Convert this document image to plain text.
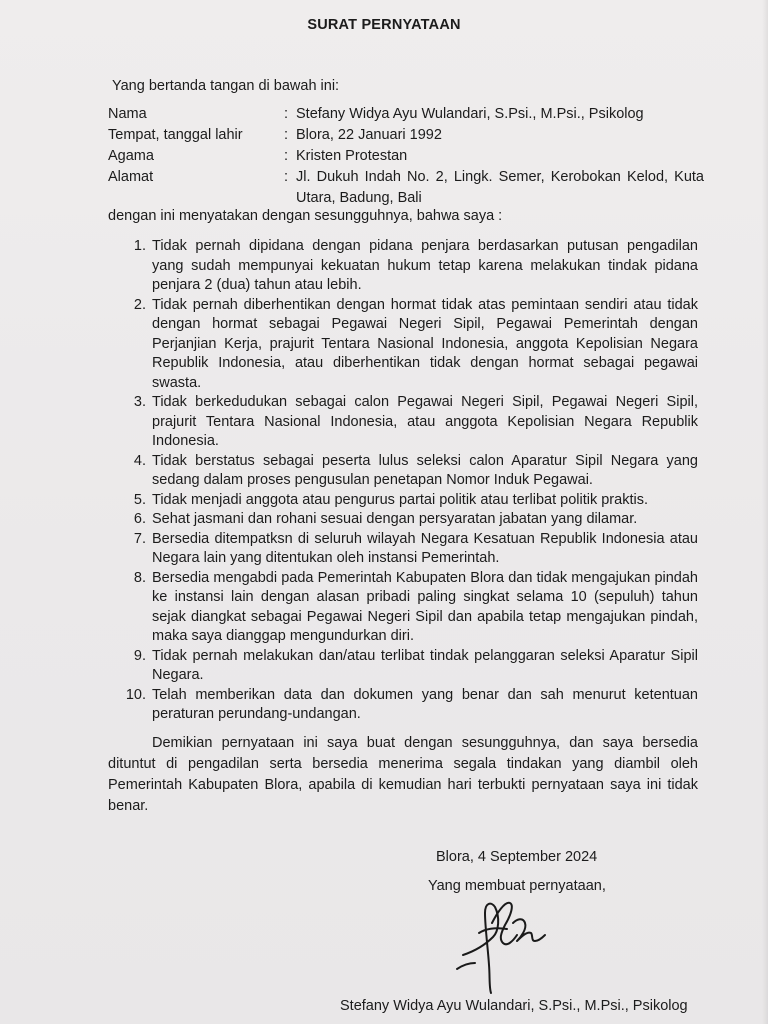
SURAT PERNYATAAN
Yang bertanda tangan di bawah ini:
Nama	: Stefany Widya Ayu Wulandari, S.Psi., M.Psi., Psikolog
Tempat, tanggal lahir	: Blora, 22 Januari 1992
Agama	: Kristen Protestan
Alamat	: Jl. Dukuh Indah No. 2, Lingk. Semer, Kerobokan Kelod, Kuta Utara, Badung, Bali
dengan ini menyatakan dengan sesungguhnya, bahwa saya :
1. Tidak pernah dipidana dengan pidana penjara berdasarkan putusan pengadilan yang sudah mempunyai kekuatan hukum tetap karena melakukan tindak pidana penjara 2 (dua) tahun atau lebih.
2. Tidak pernah diberhentikan dengan hormat tidak atas pemintaan sendiri atau tidak dengan hormat sebagai Pegawai Negeri Sipil, Pegawai Pemerintah dengan Perjanjian Kerja, prajurit Tentara Nasional Indonesia, anggota Kepolisian Negara Republik Indonesia, atau diberhentikan tidak dengan hormat sebagai pegawai swasta.
3. Tidak berkedudukan sebagai calon Pegawai Negeri Sipil, Pegawai Negeri Sipil, prajurit Tentara Nasional Indonesia, atau anggota Kepolisian Negara Republik Indonesia.
4. Tidak berstatus sebagai peserta lulus seleksi calon Aparatur Sipil Negara yang sedang dalam proses pengusulan penetapan Nomor Induk Pegawai.
5. Tidak menjadi anggota atau pengurus partai politik atau terlibat politik praktis.
6. Sehat jasmani dan rohani sesuai dengan persyaratan jabatan yang dilamar.
7. Bersedia ditempatksn di seluruh wilayah Negara Kesatuan Republik Indonesia atau Negara lain yang ditentukan oleh instansi Pemerintah.
8. Bersedia mengabdi pada Pemerintah Kabupaten Blora dan tidak mengajukan pindah ke instansi lain dengan alasan pribadi paling singkat selama 10 (sepuluh) tahun sejak diangkat sebagai Pegawai Negeri Sipil dan apabila tetap mengajukan pindah, maka saya dianggap mengundurkan diri.
9. Tidak pernah melakukan dan/atau terlibat tindak pelanggaran seleksi Aparatur Sipil Negara.
10. Telah memberikan data dan dokumen yang benar dan sah menurut ketentuan peraturan perundang-undangan.
Demikian pernyataan ini saya buat dengan sesungguhnya, dan saya bersedia dituntut di pengadilan serta bersedia menerima segala tindakan yang diambil oleh Pemerintah Kabupaten Blora, apabila di kemudian hari terbukti pernyataan saya ini tidak benar.
Blora, 4 September 2024
Yang membuat pernyataan,
Stefany Widya Ayu Wulandari, S.Psi., M.Psi., Psikolog
